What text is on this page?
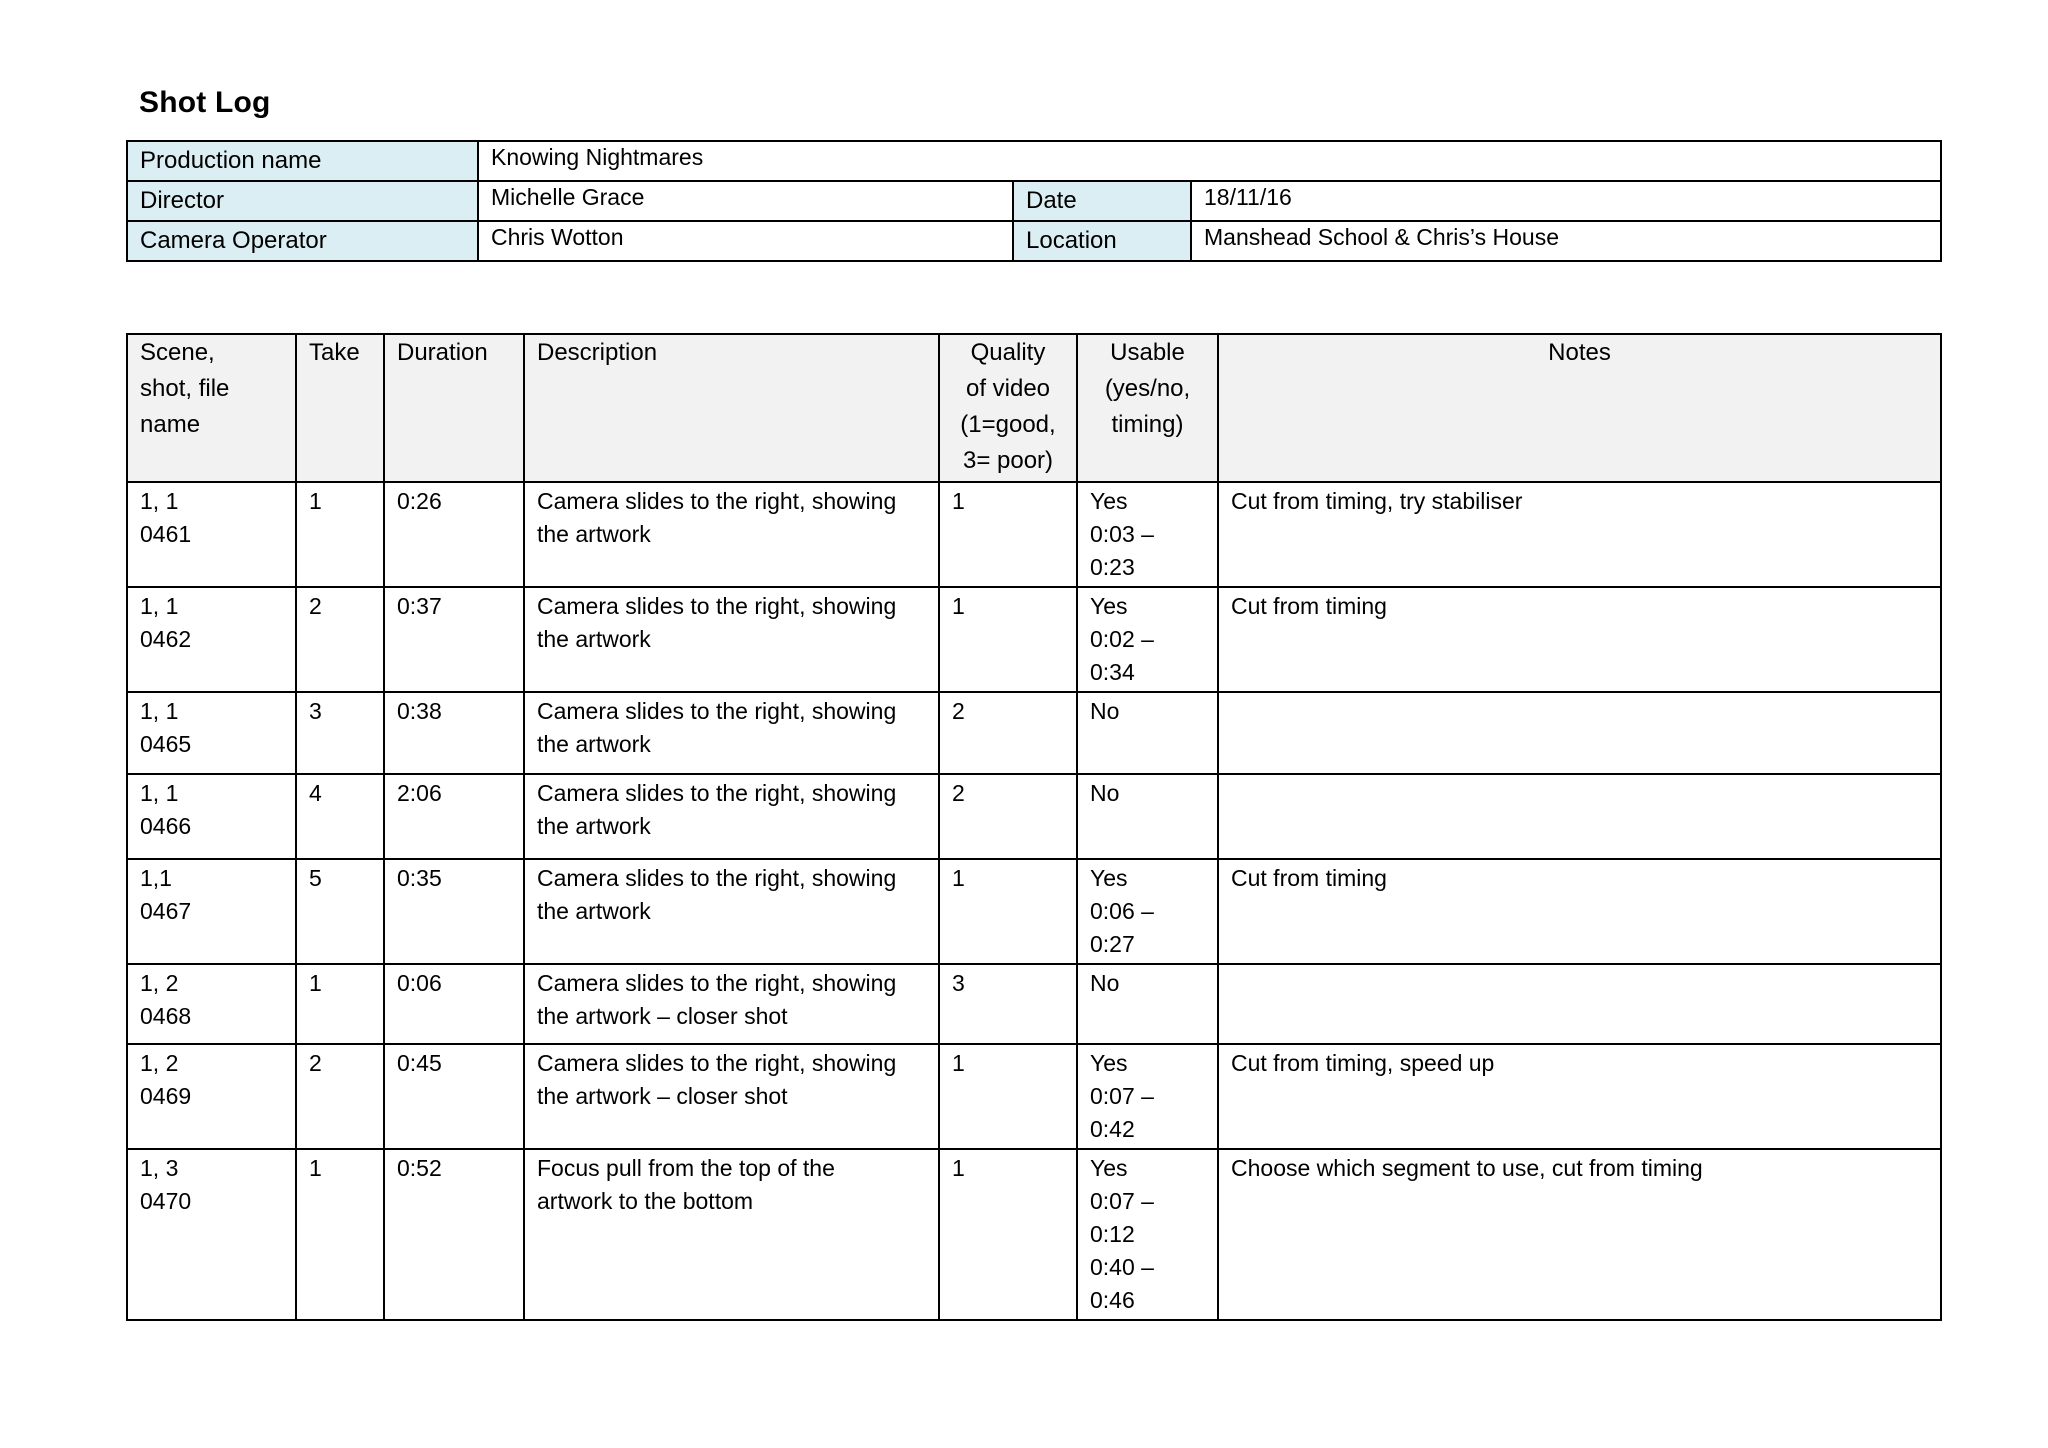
Shot Log
Production name	Knowing Nightmares		
Director	Michelle Grace	Date	18/11/16
Camera Operator	Chris Wotton	Location	Manshead School & Chris’s House
Scene,
shot, file
name	Take	Duration	Description	Quality
of video
(1=good,
3= poor)	Usable
(yes/no,
timing)	Notes

1, 1
0461	1	0:26	Camera slides to the right, showing
the artwork	1	Yes
0:03 –
0:23	Cut from timing, try stabiliser

1, 1
0462	2	0:37	Camera slides to the right, showing
the artwork	1	Yes
0:02 –
0:34	Cut from timing

1, 1
0465	3	0:38	Camera slides to the right, showing
the artwork	2	No	

1, 1
0466	4	2:06	Camera slides to the right, showing
the artwork	2	No	

1,1
0467	5	0:35	Camera slides to the right, showing
the artwork	1	Yes
0:06 –
0:27	Cut from timing

1, 2
0468	1	0:06	Camera slides to the right, showing
the artwork – closer shot	3	No	

1, 2
0469	2	0:45	Camera slides to the right, showing
the artwork – closer shot	1	Yes
0:07 –
0:42	Cut from timing, speed up

1, 3
0470	1	0:52	Focus pull from the top of the
artwork to the bottom	1	Yes
0:07 –
0:12
0:40 –
0:46	Choose which segment to use, cut from timing
